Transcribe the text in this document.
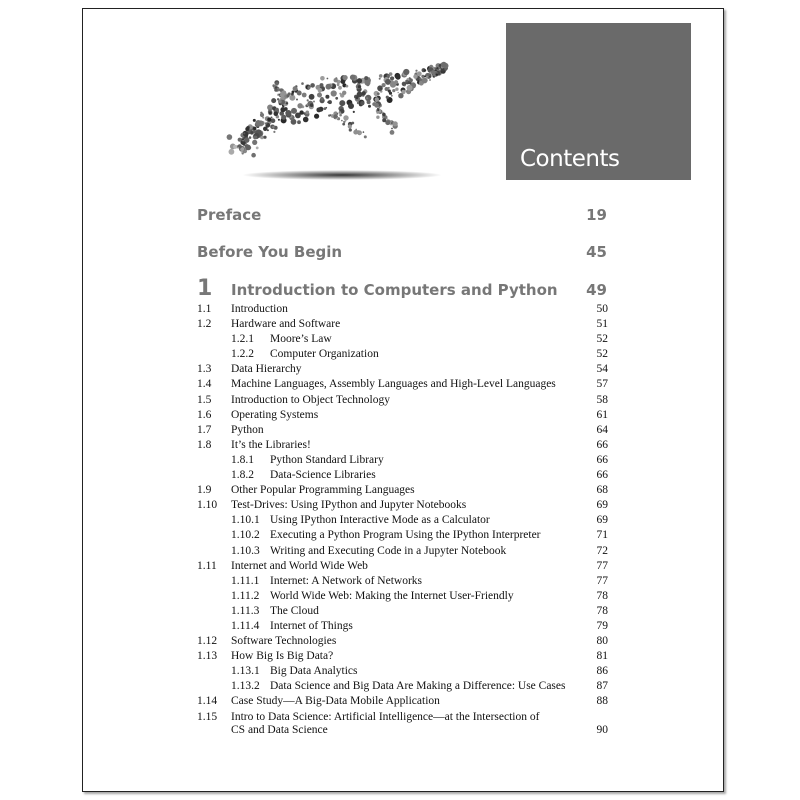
Contents
Preface	19
Before You Begin	45
1 Introduction to Computers and Python 49
1.1 Introduction	50
1.2 Hardware and Software	51
1.2.1 Moore’s Law	52
1.2.2 Computer Organization	52
1.3 Data Hierarchy	54
1.4 Machine Languages, Assembly Languages and High-Level Languages	57
1.5 Introduction to Object Technology	58
1.6 Operating Systems	61
1.7 Python	64
1.8 It’s the Libraries!	66
1.8.1 Python Standard Library	66
1.8.2 Data-Science Libraries	66
1.9 Other Popular Programming Languages	68
1.10 Test-Drives: Using IPython and Jupyter Notebooks	69
1.10.1 Using IPython Interactive Mode as a Calculator	69
1.10.2 Executing a Python Program Using the IPython Interpreter	71
1.10.3 Writing and Executing Code in a Jupyter Notebook	72
1.11 Internet and World Wide Web	77
1.11.1 Internet: A Network of Networks	77
1.11.2 World Wide Web: Making the Internet User-Friendly	78
1.11.3 The Cloud	78
1.11.4 Internet of Things	79
1.12 Software Technologies	80
1.13 How Big Is Big Data?	81
1.13.1 Big Data Analytics	86
1.13.2 Data Science and Big Data Are Making a Difference: Use Cases	87
1.14 Case Study—A Big-Data Mobile Application	88
1.15 Intro to Data Science: Artificial Intelligence—at the Intersection of
CS and Data Science	90
